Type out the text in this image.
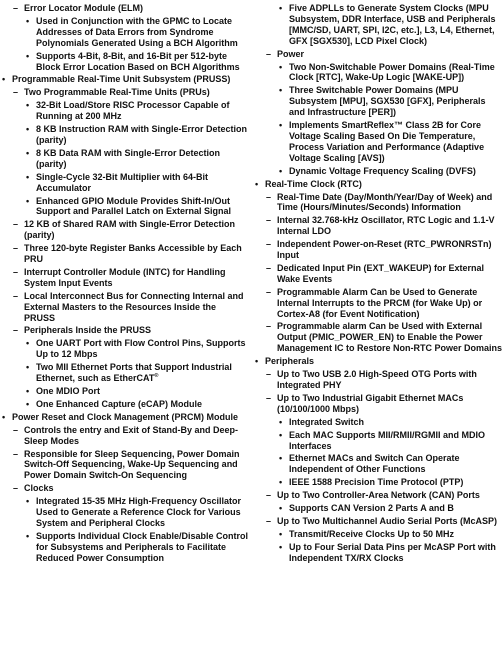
– Error Locator Module (ELM)
• Used in Conjunction with the GPMC to Locate Addresses of Data Errors from Syndrome Polynomials Generated Using a BCH Algorithm
• Supports 4-Bit, 8-Bit, and 16-Bit per 512-byte Block Error Location Based on BCH Algorithms
• Programmable Real-Time Unit Subsystem (PRUSS)
– Two Programmable Real-Time Units (PRUs)
• 32-Bit Load/Store RISC Processor Capable of Running at 200 MHz
• 8 KB Instruction RAM with Single-Error Detection (parity)
• 8 KB Data RAM with Single-Error Detection (parity)
• Single-Cycle 32-Bit Multiplier with 64-Bit Accumulator
• Enhanced GPIO Module Provides Shift-In/Out Support and Parallel Latch on External Signal
– 12 KB of Shared RAM with Single-Error Detection (parity)
– Three 120-byte Register Banks Accessible by Each PRU
– Interrupt Controller Module (INTC) for Handling System Input Events
– Local Interconnect Bus for Connecting Internal and External Masters to the Resources Inside the PRUSS
– Peripherals Inside the PRUSS
• One UART Port with Flow Control Pins, Supports Up to 12 Mbps
• Two MII Ethernet Ports that Support Industrial Ethernet, such as EtherCAT®
• One MDIO Port
• One Enhanced Capture (eCAP) Module
• Power Reset and Clock Management (PRCM) Module
– Controls the entry and Exit of Stand-By and Deep-Sleep Modes
– Responsible for Sleep Sequencing, Power Domain Switch-Off Sequencing, Wake-Up Sequencing and Power Domain Switch-On Sequencing
– Clocks
• Integrated 15-35 MHz High-Frequency Oscillator Used to Generate a Reference Clock for Various System and Peripheral Clocks
• Supports Individual Clock Enable/Disable Control for Subsystems and Peripherals to Facilitate Reduced Power Consumption
• Five ADPLLs to Generate System Clocks (MPU Subsystem, DDR Interface, USB and Peripherals [MMC/SD, UART, SPI, I2C, etc.], L3, L4, Ethernet, GFX [SGX530], LCD Pixel Clock)
– Power
• Two Non-Switchable Power Domains (Real-Time Clock [RTC], Wake-Up Logic [WAKE-UP])
• Three Switchable Power Domains (MPU Subsystem [MPU], SGX530 [GFX], Peripherals and Infrastructure [PER])
• Implements SmartReflex™ Class 2B for Core Voltage Scaling Based On Die Temperature, Process Variation and Performance (Adaptive Voltage Scaling [AVS])
• Dynamic Voltage Frequency Scaling (DVFS)
• Real-Time Clock (RTC)
– Real-Time Date (Day/Month/Year/Day of Week) and Time (Hours/Minutes/Seconds) Information
– Internal 32.768-kHz Oscillator, RTC Logic and 1.1-V Internal LDO
– Independent Power-on-Reset (RTC_PWRONRSTn) Input
– Dedicated Input Pin (EXT_WAKEUP) for External Wake Events
– Programmable Alarm Can be Used to Generate Internal Interrupts to the PRCM (for Wake Up) or Cortex-A8 (for Event Notification)
– Programmable alarm Can be Used with External Output (PMIC_POWER_EN) to Enable the Power Management IC to Restore Non-RTC Power Domains
• Peripherals
– Up to Two USB 2.0 High-Speed OTG Ports with Integrated PHY
– Up to Two Industrial Gigabit Ethernet MACs (10/100/1000 Mbps)
• Integrated Switch
• Each MAC Supports MII/RMII/RGMII and MDIO Interfaces
• Ethernet MACs and Switch Can Operate Independent of Other Functions
• IEEE 1588 Precision Time Protocol (PTP)
– Up to Two Controller-Area Network (CAN) Ports
• Supports CAN Version 2 Parts A and B
– Up to Two Multichannel Audio Serial Ports (McASP)
• Transmit/Receive Clocks Up to 50 MHz
• Up to Four Serial Data Pins per McASP Port with Independent TX/RX Clocks
